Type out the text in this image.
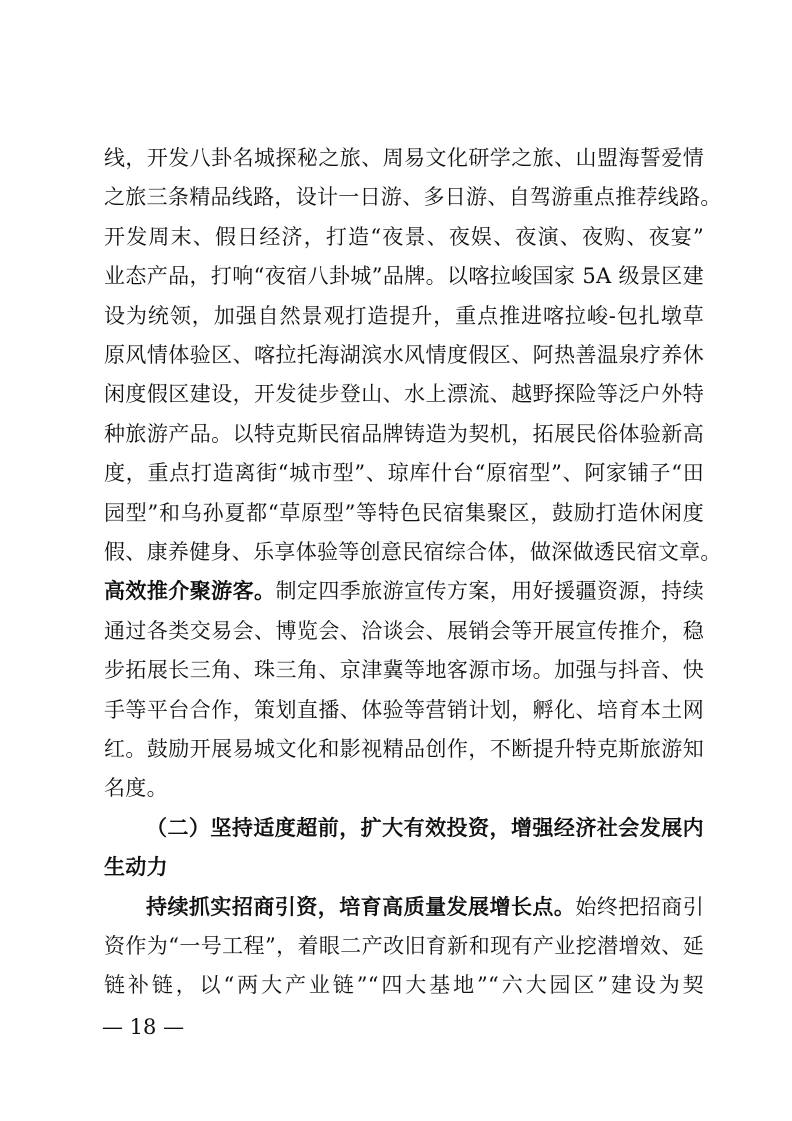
线，开发八卦名城探秘之旅、周易文化研学之旅、山盟海誓爱情
之旅三条精品线路，设计一日游、多日游、自驾游重点推荐线路。
开发周末、假日经济，打造“夜景、夜娱、夜演、夜购、夜宴”
业态产品，打响“夜宿八卦城”品牌。以喀拉峻国家 5A 级景区建
设为统领，加强自然景观打造提升，重点推进喀拉峻-包扎墩草
原风情体验区、喀拉托海湖滨水风情度假区、阿热善温泉疗养休
闲度假区建设，开发徒步登山、水上漂流、越野探险等泛户外特
种旅游产品。以特克斯民宿品牌铸造为契机，拓展民俗体验新高
度，重点打造离街“城市型”、琼库什台“原宿型”、阿家铺子“田
园型”和乌孙夏都“草原型”等特色民宿集聚区，鼓励打造休闲度
假、康养健身、乐享体验等创意民宿综合体，做深做透民宿文章。
高效推介聚游客。制定四季旅游宣传方案，用好援疆资源，持续
通过各类交易会、博览会、洽谈会、展销会等开展宣传推介，稳
步拓展长三角、珠三角、京津冀等地客源市场。加强与抖音、快
手等平台合作，策划直播、体验等营销计划，孵化、培育本土网
红。鼓励开展易城文化和影视精品创作，不断提升特克斯旅游知
名度。
（二）坚持适度超前，扩大有效投资，增强经济社会发展内
生动力
持续抓实招商引资，培育高质量发展增长点。始终把招商引
资作为“一号工程”，着眼二产改旧育新和现有产业挖潜增效、延
链补链，以“两大产业链”“四大基地”“六大园区”建设为契
— 18 —
